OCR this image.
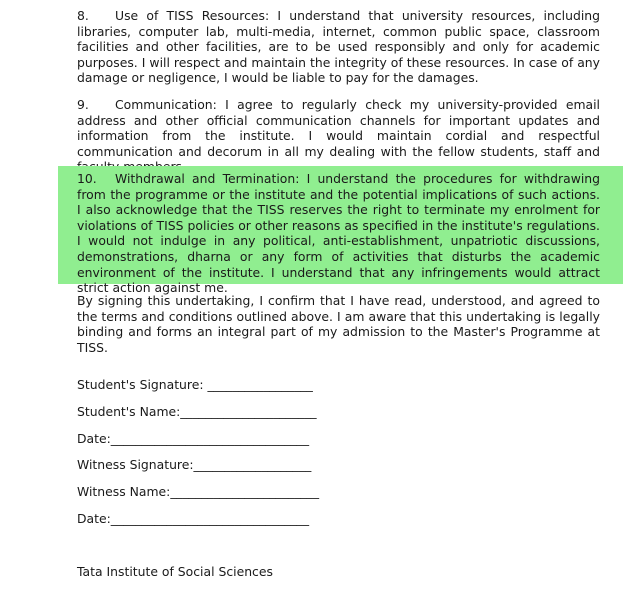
8. Use of TISS Resources: I understand that university resources, including libraries, computer lab, multi-media, internet, common public space, classroom facilities and other facilities, are to be used responsibly and only for academic purposes. I will respect and maintain the integrity of these resources. In case of any damage or negligence, I would be liable to pay for the damages.

9. Communication: I agree to regularly check my university-provided email address and other official communication channels for important updates and information from the institute. I would maintain cordial and respectful communication and decorum in all my dealing with the fellow students, staff and

10. Withdrawal and Termination: I understand the procedures for withdrawing from the programme or the institute and the potential implications of such actions. I also acknowledge that the TISS reserves the right to terminate my enrolment for violations of TISS policies or other reasons as specified in the institute's regulations. I would not indulge in any political, anti-establishment, unpatriotic discussions, demonstrations, dharna or any form of activities that disturbs the academic environment of the institute. I understand that any infringements would attract strict action against me.

By signing this undertaking, I confirm that I have read, understood, and agreed to the terms and conditions outlined above. I am aware that this undertaking is legally binding and forms an integral part of my admission to the Master's Programme at TISS.

Student's Signature: _________________

Student's Name:______________________

Date:________________________________

Witness Signature:___________________

Witness Name:________________________

Date:________________________________

Tata Institute of Social Sciences
